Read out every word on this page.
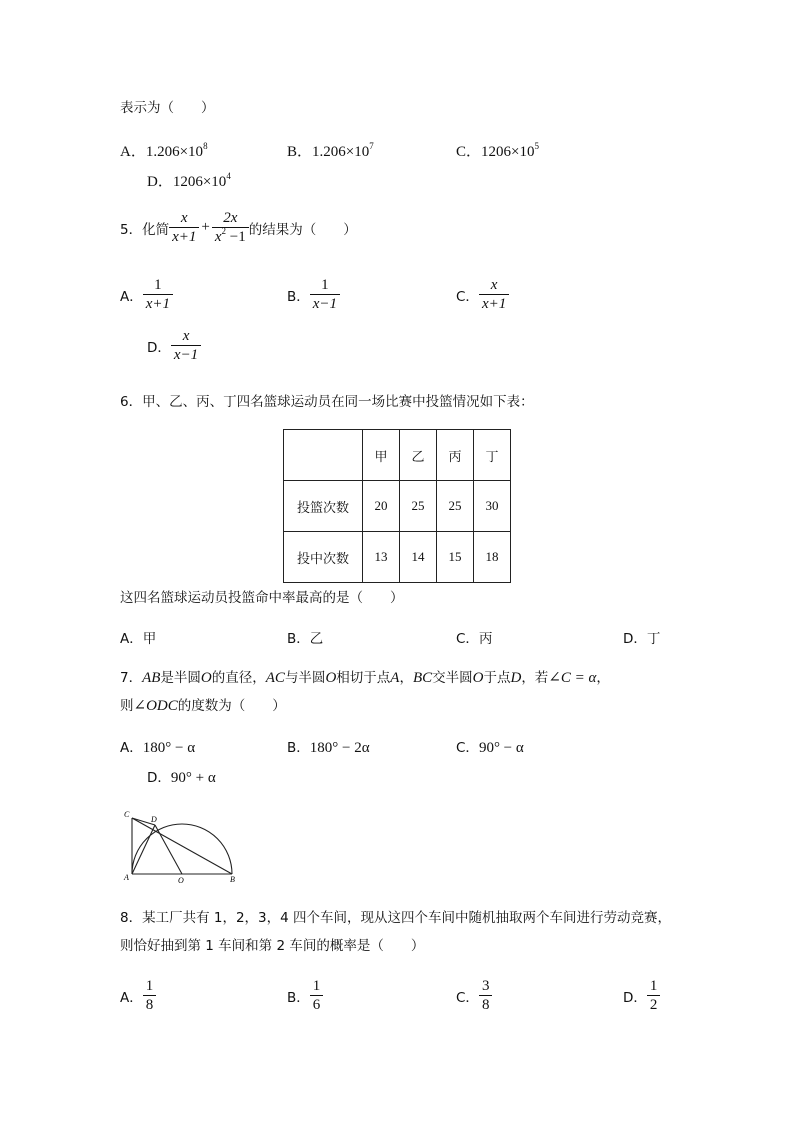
表示为（　　）
A．$1.206\times 10^8$	B．$1.206\times 10^7$	C．$1206\times 10^5$
D．$1206\times 10^4$
5． 化简 $\frac{x}{x+1} + \frac{2x}{x^2 -1}$ 的结果为（　　）
A． $\frac{1}{x+1}$	B． $\frac{1}{x-1}$	C． $\frac{x}{x+1}$
D． $\frac{x}{x-1}$
6．甲、乙、丙、丁四名篮球运动员在同一场比赛中投篮情况如下表：
	甲	乙	丙	丁
投篮次数	20	25	25	30
投中次数	13	14	15	18
这四名篮球运动员投篮命中率最高的是（　　）
A．甲	B．乙	C．丙	D．丁
7．AB是半圆O的直径，AC与半圆O相切于点A，BC交半圆O于点D，若∠C = α，
则∠ODC的度数为（　　）
A．180° − α	B．180° − 2α	C．90° − α
D．90° + α
C
D
A	O	B
8．某工厂共有 1，2，3，4 四个车间，现从这四个车间中随机抽取两个车间进行劳动竞赛，
则恰好抽到第 1 车间和第 2 车间的概率是（　　）
A． $\frac{1}{8}$	B． $\frac{1}{6}$	C． $\frac{3}{8}$	D． $\frac{1}{2}$
